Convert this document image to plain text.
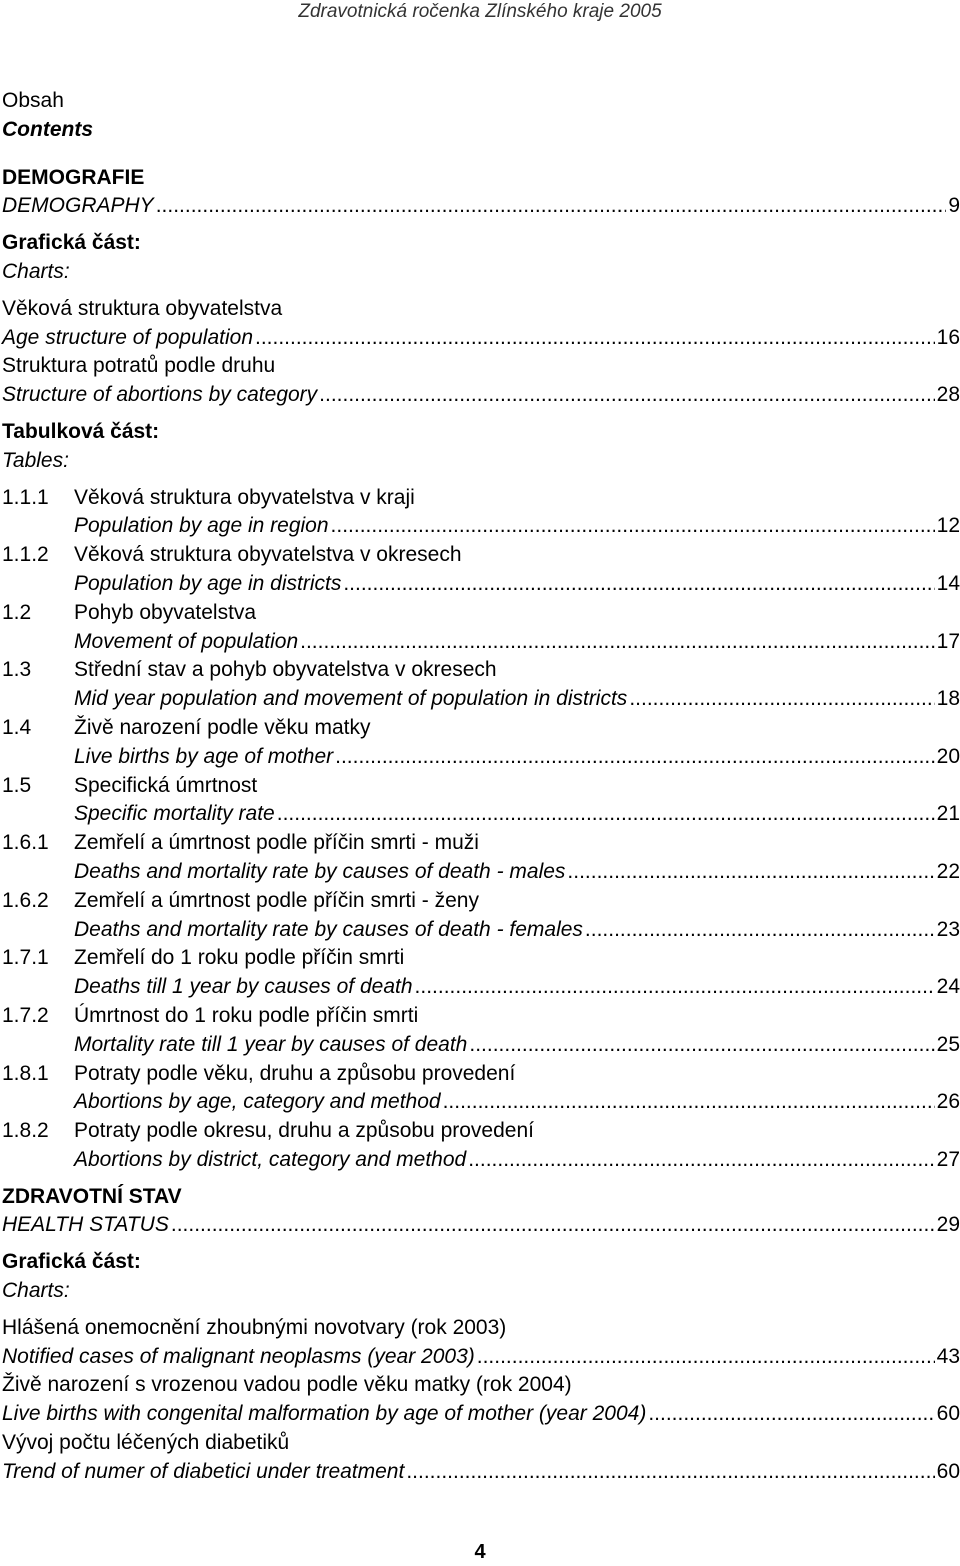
Zdravotnická ročenka Zlínského kraje 2005
Obsah
Contents
DEMOGRAFIE
DEMOGRAPHY .....	9
Grafická část:
Charts:
Věková struktura obyvatelstva
Age structure of population .....	16
Struktura potratů podle druhu
Structure of abortions by category .....	28
Tabulková část:
Tables:
1.1.1	Věková struktura obyvatelstva v kraji
Population by age in region .....	12
1.1.2	Věková struktura obyvatelstva v okresech
Population by age in districts .....	14
1.2	Pohyb obyvatelstva
Movement of population .....	17
1.3	Střední stav a pohyb obyvatelstva v okresech
Mid year population and movement of population in districts .....	18
1.4	Živě narození podle věku matky
Live births by age of mother .....	20
1.5	Specifická úmrtnost
Specific mortality rate .....	21
1.6.1	Zemřelí a úmrtnost podle příčin smrti - muži
Deaths and mortality rate by causes of death - males .....	22
1.6.2	Zemřelí a úmrtnost podle příčin smrti - ženy
Deaths and mortality rate by causes of death - females .....	23
1.7.1	Zemřelí do 1 roku podle příčin smrti
Deaths till 1 year by causes of death .....	24
1.7.2	Úmrtnost do 1 roku podle příčin smrti
Mortality rate till 1 year by causes of death .....	25
1.8.1	Potraty podle věku, druhu a způsobu provedení
Abortions by age, category and method .....	26
1.8.2	Potraty podle okresu, druhu a způsobu provedení
Abortions by district, category and method .....	27
ZDRAVOTNÍ STAV
HEALTH STATUS .....	29
Grafická část:
Charts:
Hlášená onemocnění zhoubnými novotvary (rok 2003)
Notified cases of malignant neoplasms (year 2003) .....	43
Živě narození s vrozenou vadou podle věku matky (rok 2004)
Live births with congenital malformation by age of mother (year 2004) .....	60
Vývoj počtu léčených diabetiků
Trend of numer of diabetici under treatment .....	60
4
